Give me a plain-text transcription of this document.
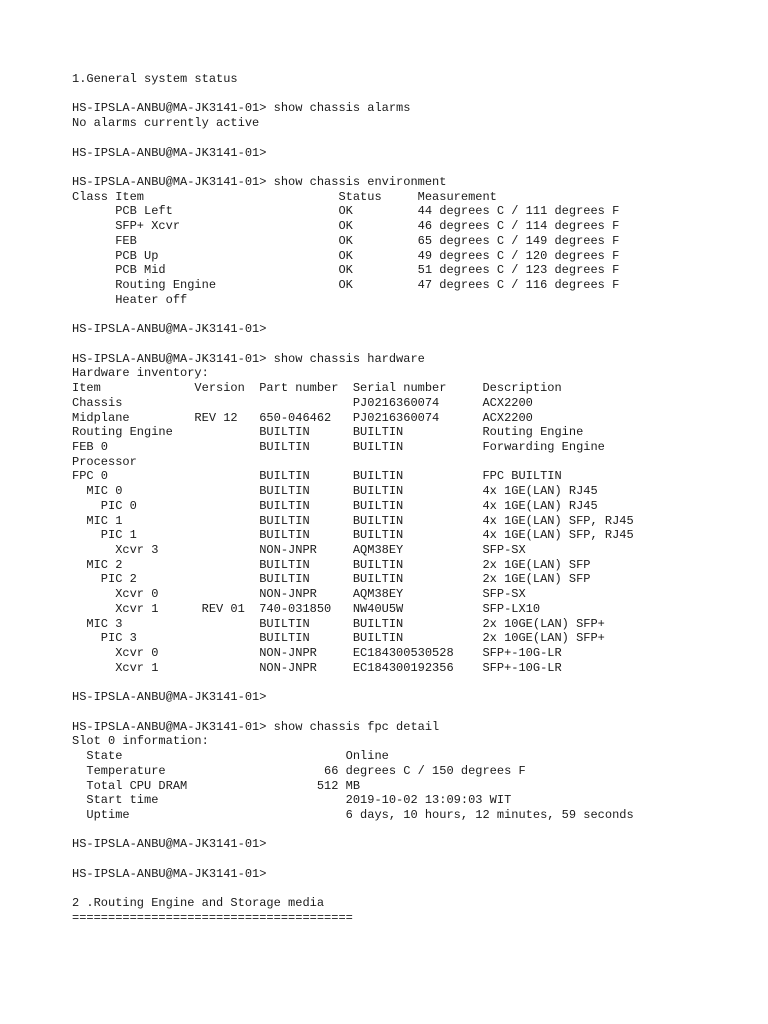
1.General system status
HS-IPSLA-ANBU@MA-JK3141-01> show chassis alarms
No alarms currently active
HS-IPSLA-ANBU@MA-JK3141-01>
HS-IPSLA-ANBU@MA-JK3141-01> show chassis environment
Class Item                           Status     Measurement
PCB Left                       OK         44 degrees C / 111 degrees F
SFP+ Xcvr                      OK         46 degrees C / 114 degrees F
FEB                            OK         65 degrees C / 149 degrees F
PCB Up                         OK         49 degrees C / 120 degrees F
PCB Mid                        OK         51 degrees C / 123 degrees F
Routing Engine                 OK         47 degrees C / 116 degrees F
Heater off
HS-IPSLA-ANBU@MA-JK3141-01>
HS-IPSLA-ANBU@MA-JK3141-01> show chassis hardware
Hardware inventory:
Item             Version  Part number  Serial number     Description
Chassis                                PJ0216360074      ACX2200
Midplane         REV 12   650-046462   PJ0216360074      ACX2200
Routing Engine            BUILTIN      BUILTIN           Routing Engine
FEB 0                     BUILTIN      BUILTIN           Forwarding Engine
Processor
FPC 0                     BUILTIN      BUILTIN           FPC BUILTIN
MIC 0                   BUILTIN      BUILTIN           4x 1GE(LAN) RJ45
PIC 0                 BUILTIN      BUILTIN           4x 1GE(LAN) RJ45
MIC 1                   BUILTIN      BUILTIN           4x 1GE(LAN) SFP, RJ45
PIC 1                 BUILTIN      BUILTIN           4x 1GE(LAN) SFP, RJ45
Xcvr 3              NON-JNPR     AQM38EY           SFP-SX
MIC 2                   BUILTIN      BUILTIN           2x 1GE(LAN) SFP
PIC 2                 BUILTIN      BUILTIN           2x 1GE(LAN) SFP
Xcvr 0              NON-JNPR     AQM38EY           SFP-SX
Xcvr 1      REV 01  740-031850   NW40U5W           SFP-LX10
MIC 3                   BUILTIN      BUILTIN           2x 10GE(LAN) SFP+
PIC 3                 BUILTIN      BUILTIN           2x 10GE(LAN) SFP+
Xcvr 0              NON-JNPR     EC184300530528    SFP+-10G-LR
Xcvr 1              NON-JNPR     EC184300192356    SFP+-10G-LR
HS-IPSLA-ANBU@MA-JK3141-01>
HS-IPSLA-ANBU@MA-JK3141-01> show chassis fpc detail
Slot 0 information:
State                               Online
Temperature                      66 degrees C / 150 degrees F
Total CPU DRAM                  512 MB
Start time                          2019-10-02 13:09:03 WIT
Uptime                              6 days, 10 hours, 12 minutes, 59 seconds
HS-IPSLA-ANBU@MA-JK3141-01>
HS-IPSLA-ANBU@MA-JK3141-01>
2 .Routing Engine and Storage media
=======================================
